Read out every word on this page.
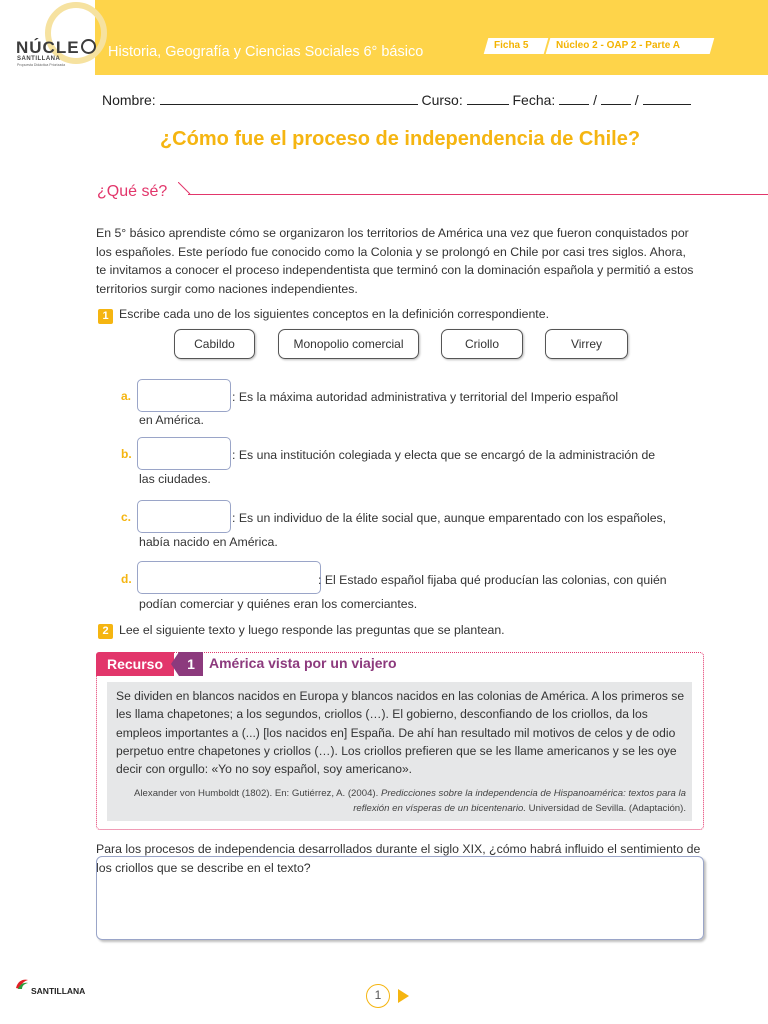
NÚCLE
SANTILLANA
Propuesta Didáctica Priorizada
Historia, Geografía y Ciencias Sociales 6° básico	Ficha 5	Núcleo 2 - OAP 2 - Parte A
Nombre:	Curso:	Fecha:	/	/
¿Cómo fue el proceso de independencia de Chile?
¿Qué sé?
En 5° básico aprendiste cómo se organizaron los territorios de América una vez que fueron conquistados por los españoles. Este período fue conocido como la Colonia y se prolongó en Chile por casi tres siglos. Ahora, te invitamos a conocer el proceso independentista que terminó con la dominación española y permitió a estos territorios surgir como naciones independientes.
1 Escribe cada uno de los siguientes conceptos en la definición correspondiente.
Cabildo	Monopolio comercial	Criollo	Virrey
a.	: Es la máxima autoridad administrativa y territorial del Imperio español
en América.
b.	: Es una institución colegiada y electa que se encargó de la administración de
las ciudades.
c.	: Es un individuo de la élite social que, aunque emparentado con los españoles,
había nacido en América.
d.	: El Estado español fijaba qué producían las colonias, con quién
podían comerciar y quiénes eran los comerciantes.
2 Lee el siguiente texto y luego responde las preguntas que se plantean.
Recurso	1	América vista por un viajero
Se dividen en blancos nacidos en Europa y blancos nacidos en las colonias de América. A los primeros se les llama chapetones; a los segundos, criollos (…). El gobierno, desconfiando de los criollos, da los empleos importantes a (...) [los nacidos en] España. De ahí han resultado mil motivos de celos y de odio perpetuo entre chapetones y criollos (…). Los criollos prefieren que se les llame americanos y se les oye decir con orgullo: «Yo no soy español, soy americano».
Alexander von Humboldt (1802). En: Gutiérrez, A. (2004). Predicciones sobre la independencia de Hispanoamérica: textos para la reflexión en vísperas de un bicentenario. Universidad de Sevilla. (Adaptación).
Para los procesos de independencia desarrollados durante el siglo XIX, ¿cómo habrá influido el sentimiento de los criollos que se describe en el texto?
SANTILLANA	1
